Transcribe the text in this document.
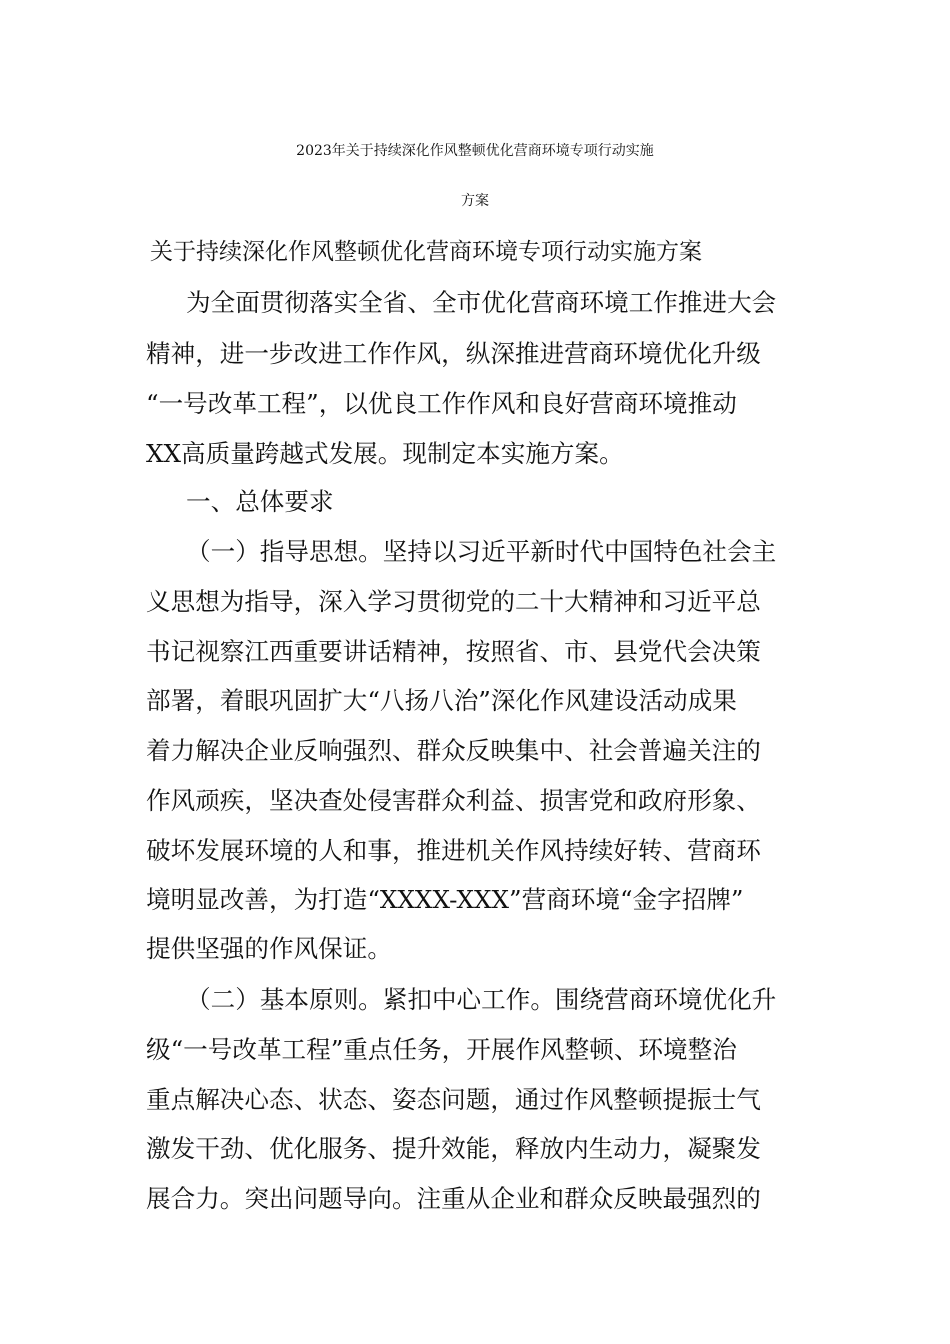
2023年关于持续深化作风整顿优化营商环境专项行动实施
方案
关于持续深化作风整顿优化营商环境专项行动实施方案
为全面贯彻落实全省、全市优化营商环境工作推进大会
精神，进一步改进工作作风，纵深推进营商环境优化升级
“一号改革工程”，以优良工作作风和良好营商环境推动
XX高质量跨越式发展。现制定本实施方案。
一、总体要求
（一）指导思想。坚持以习近平新时代中国特色社会主
义思想为指导，深入学习贯彻党的二十大精神和习近平总
书记视察江西重要讲话精神，按照省、市、县党代会决策
部署，着眼巩固扩大“八扬八治”深化作风建设活动成果
着力解决企业反响强烈、群众反映集中、社会普遍关注的
作风顽疾，坚决查处侵害群众利益、损害党和政府形象、
破坏发展环境的人和事，推进机关作风持续好转、营商环
境明显改善，为打造“XXXX-XXX”营商环境“金字招牌”
提供坚强的作风保证。
（二）基本原则。紧扣中心工作。围绕营商环境优化升
级“一号改革工程”重点任务，开展作风整顿、环境整治
重点解决心态、状态、姿态问题，通过作风整顿提振士气
激发干劲、优化服务、提升效能，释放内生动力，凝聚发
展合力。突出问题导向。注重从企业和群众反映最强烈的
